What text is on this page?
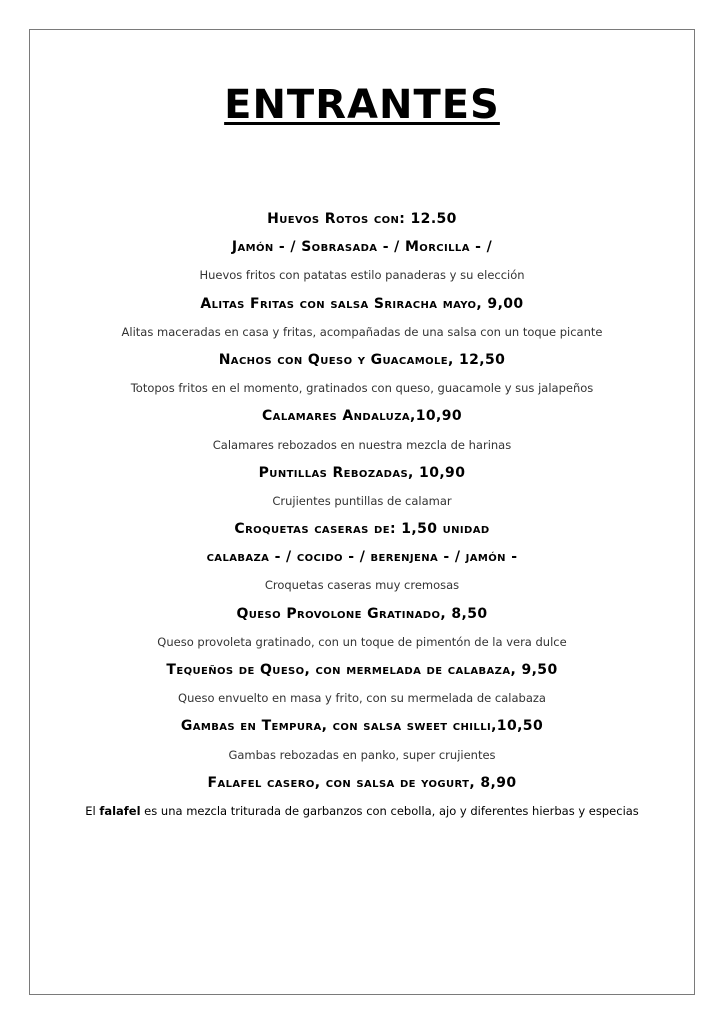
ENTRANTES
Huevos Rotos con: 12.50
Jamón - / Sobrasada - / Morcilla - /
Huevos fritos con patatas estilo panaderas y su elección
Alitas Fritas con salsa Sriracha mayo, 9,00
Alitas maceradas en casa y fritas, acompañadas de una salsa con un toque picante
Nachos con Queso y Guacamole, 12,50
Totopos fritos en el momento, gratinados con queso, guacamole y sus jalapeños
Calamares Andaluza,10,90
Calamares rebozados en nuestra mezcla de harinas
Puntillas Rebozadas, 10,90
Crujientes puntillas de calamar
Croquetas caseras de: 1,50 unidad
calabaza - / cocido - / berenjena - / jamón -
Croquetas caseras muy cremosas
Queso Provolone Gratinado, 8,50
Queso provoleta gratinado, con un toque de pimentón de la vera dulce
Tequeños de Queso, con mermelada de calabaza, 9,50
Queso envuelto en masa y frito, con su mermelada de calabaza
Gambas en Tempura, con salsa sweet chilli,10,50
Gambas rebozadas en panko, super crujientes
Falafel casero, con salsa de yogurt, 8,90
El falafel es una mezcla triturada de garbanzos con cebolla, ajo y diferentes hierbas y especias
